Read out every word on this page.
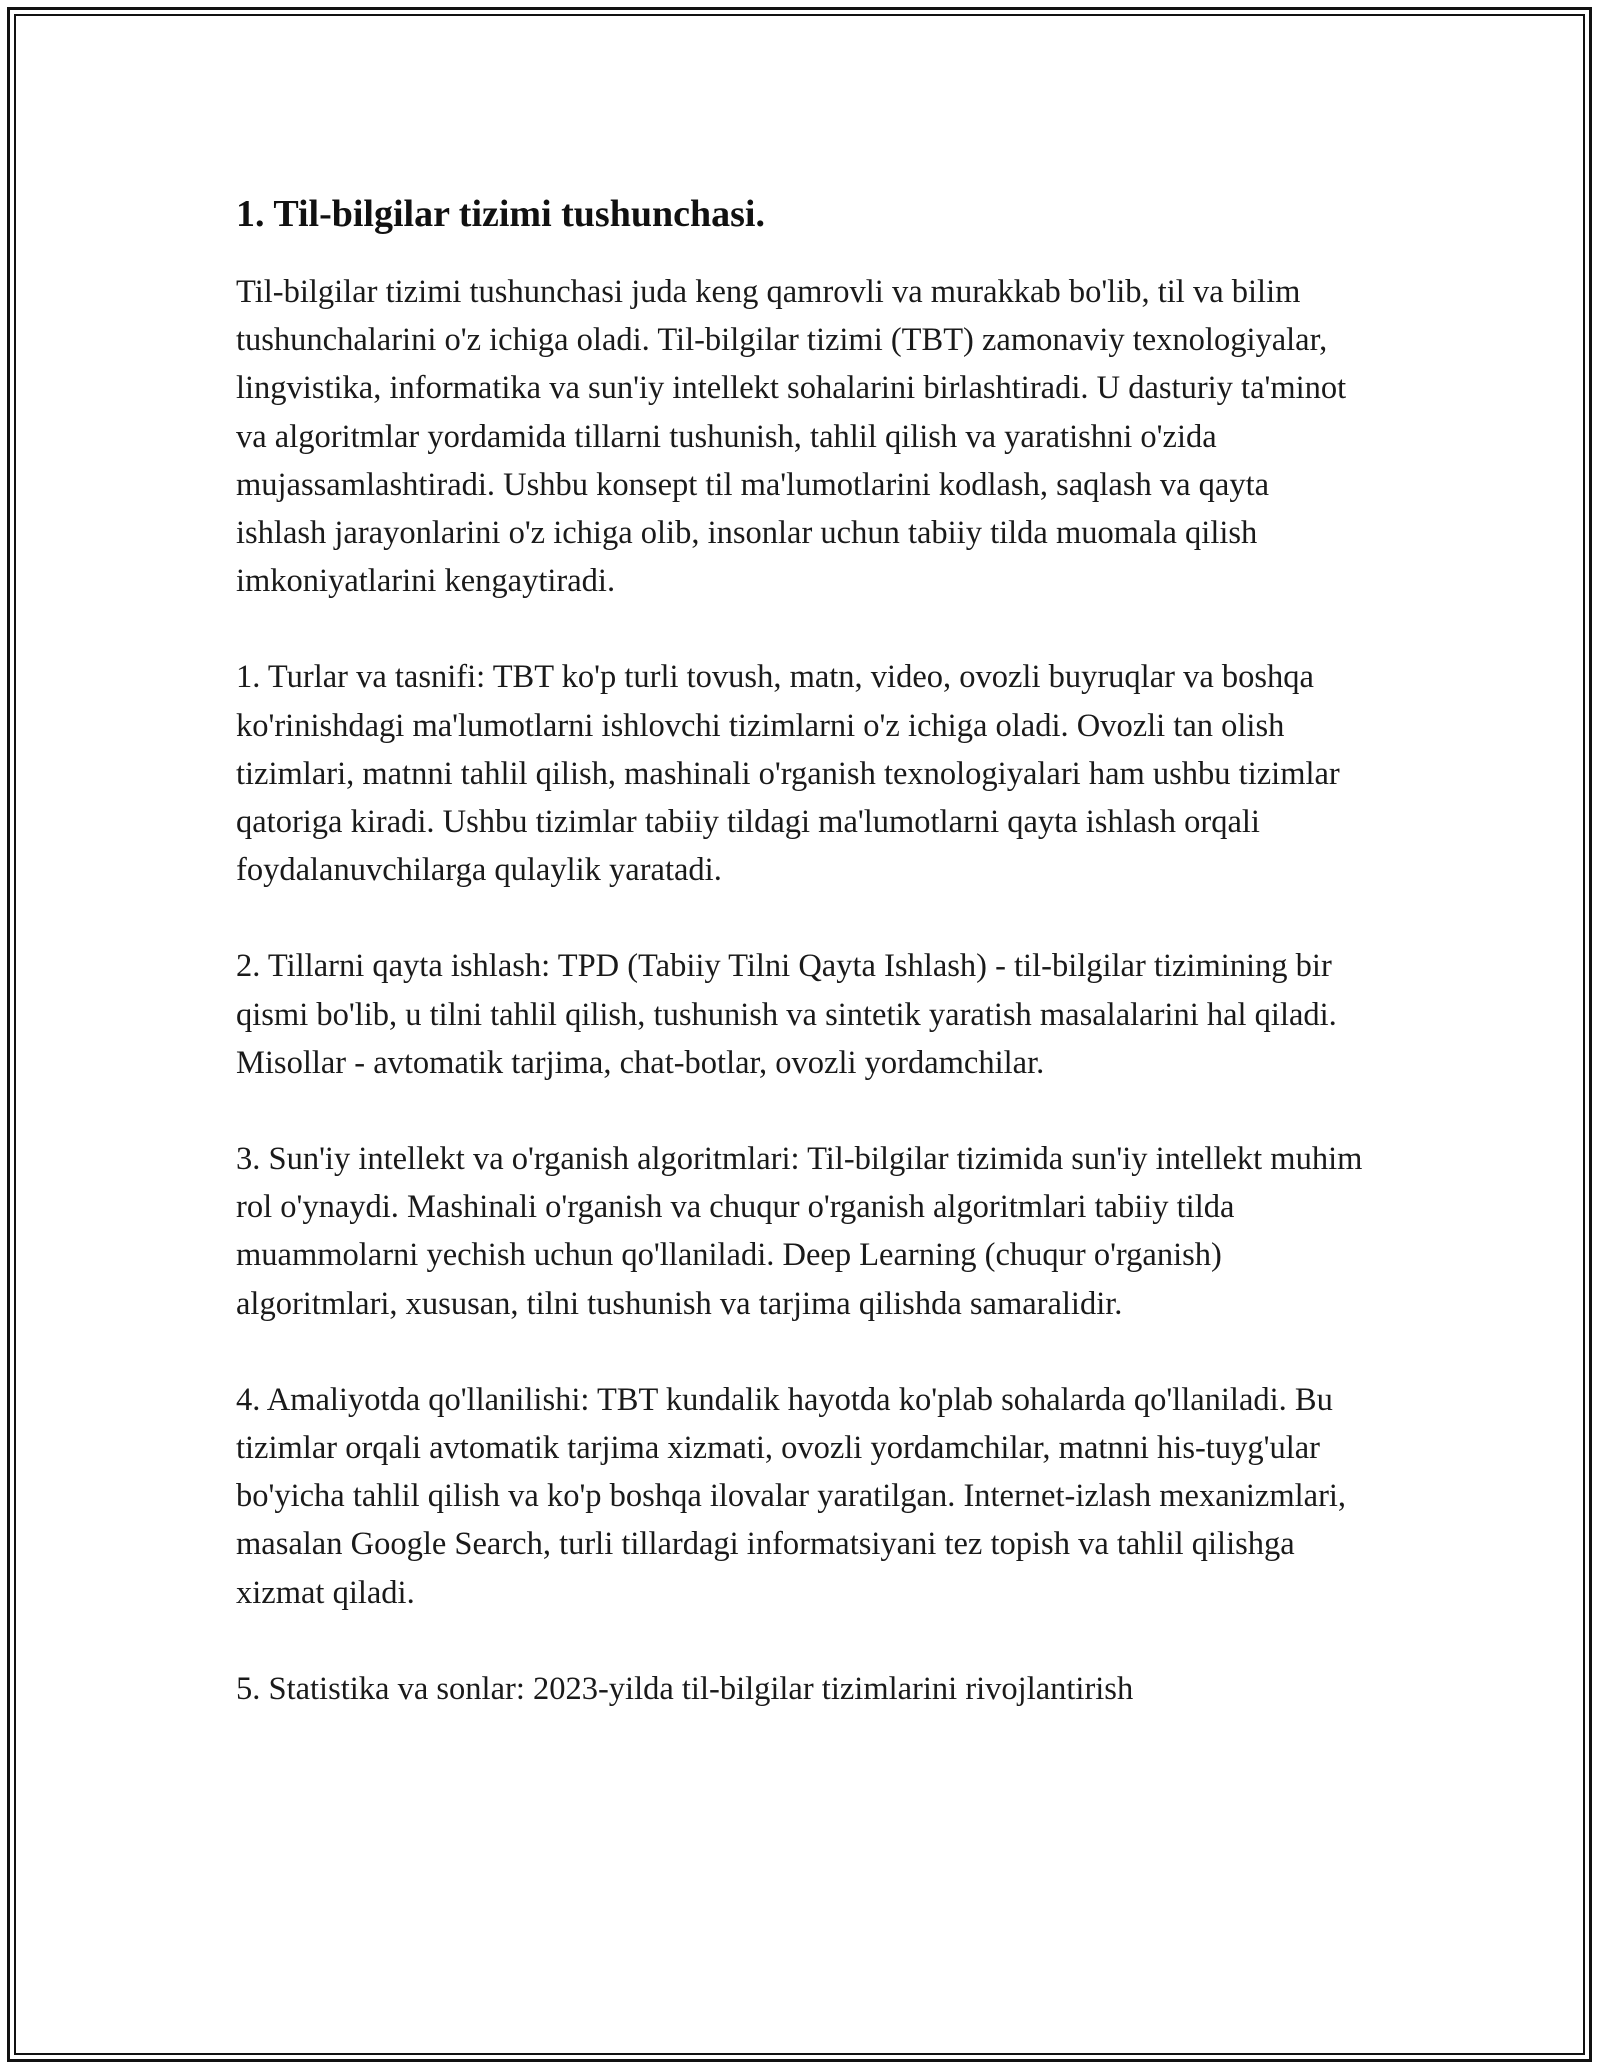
1. Til-bilgilar tizimi tushunchasi.

Til-bilgilar tizimi tushunchasi juda keng qamrovli va murakkab bo'lib, til va bilim tushunchalarini o'z ichiga oladi. Til-bilgilar tizimi (TBT) zamonaviy texnologiyalar, lingvistika, informatika va sun'iy intellekt sohalarini birlashtiradi. U dasturiy ta'minot va algoritmlar yordamida tillarni tushunish, tahlil qilish va yaratishni o'zida mujassamlashtiradi. Ushbu konsept til ma'lumotlarini kodlash, saqlash va qayta ishlash jarayonlarini o'z ichiga olib, insonlar uchun tabiiy tilda muomala qilish imkoniyatlarini kengaytiradi.

1. Turlar va tasnifi: TBT ko'p turli tovush, matn, video, ovozli buyruqlar va boshqa ko'rinishdagi ma'lumotlarni ishlovchi tizimlarni o'z ichiga oladi. Ovozli tan olish tizimlari, matnni tahlil qilish, mashinali o'rganish texnologiyalari ham ushbu tizimlar qatoriga kiradi. Ushbu tizimlar tabiiy tildagi ma'lumotlarni qayta ishlash orqali foydalanuvchilarga qulaylik yaratadi.

2. Tillarni qayta ishlash: TPD (Tabiiy Tilni Qayta Ishlash) - til-bilgilar tizimining bir qismi bo'lib, u tilni tahlil qilish, tushunish va sintetik yaratish masalalarini hal qiladi. Misollar - avtomatik tarjima, chat-botlar, ovozli yordamchilar.

3. Sun'iy intellekt va o'rganish algoritmlari: Til-bilgilar tizimida sun'iy intellekt muhim rol o'ynaydi. Mashinali o'rganish va chuqur o'rganish algoritmlari tabiiy tilda muammolarni yechish uchun qo'llaniladi. Deep Learning (chuqur o'rganish) algoritmlari, xususan, tilni tushunish va tarjima qilishda samaralidir.

4. Amaliyotda qo'llanilishi: TBT kundalik hayotda ko'plab sohalarda qo'llaniladi. Bu tizimlar orqali avtomatik tarjima xizmati, ovozli yordamchilar, matnni his-tuyg'ular bo'yicha tahlil qilish va ko'p boshqa ilovalar yaratilgan. Internet-izlash mexanizmlari, masalan Google Search, turli tillardagi informatsiyani tez topish va tahlil qilishga xizmat qiladi.

5. Statistika va sonlar: 2023-yilda til-bilgilar tizimlarini rivojlantirish
